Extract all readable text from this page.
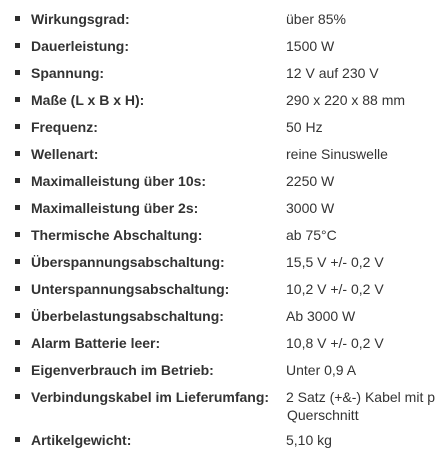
Wirkungsgrad:	über 85%
Dauerleistung:	1500 W
Spannung:	12 V auf 230 V
Maße (L x B x H):	290 x 220 x 88 mm
Frequenz:	50 Hz
Wellenart:	reine Sinuswelle
Maximalleistung über 10s:	2250 W
Maximalleistung über 2s:	3000 W
Thermische Abschaltung:	ab 75°C
Überspannungsabschaltung:	15,5 V +/- 0,2 V
Unterspannungsabschaltung:	10,2 V +/- 0,2 V
Überbelastungsabschaltung:	Ab 3000 W
Alarm Batterie leer:	10,8 V +/- 0,2 V
Eigenverbrauch im Betrieb:	Unter 0,9 A
Verbindungskabel im Lieferumfang: 2 Satz (+&-) Kabel mit p
Querschnitt
Artikelgewicht:	5,10 kg
